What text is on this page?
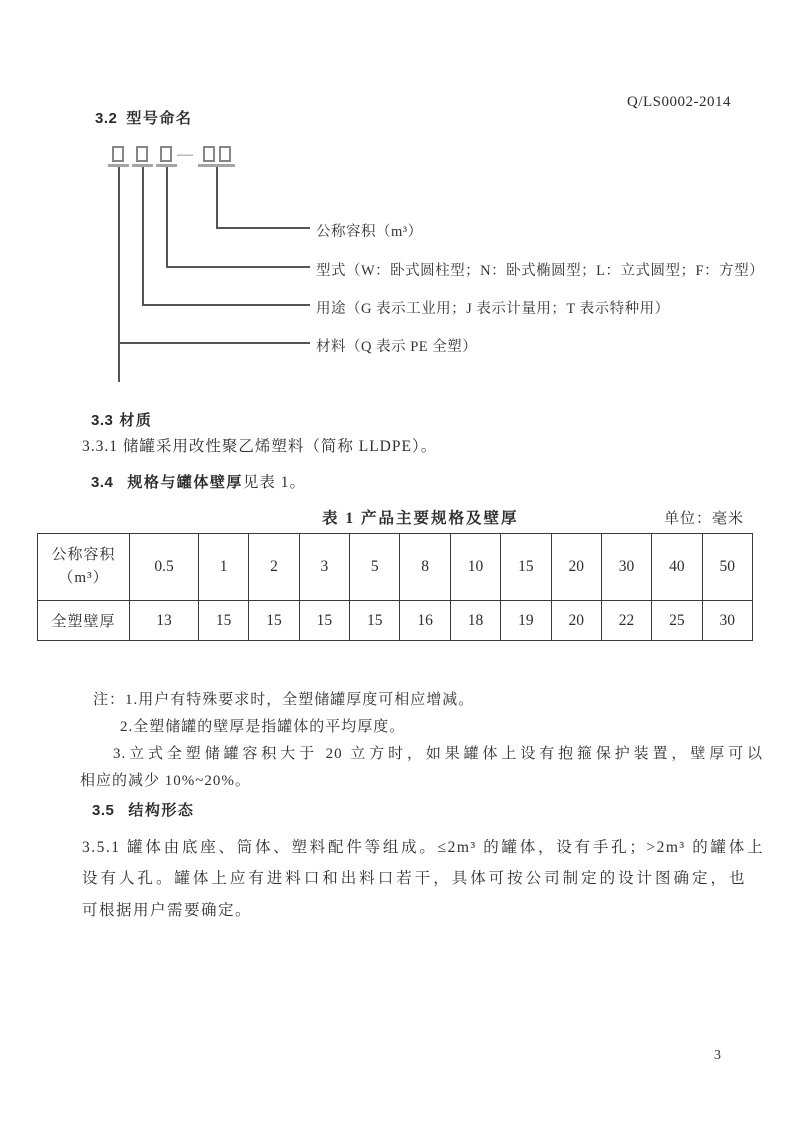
Q/LS0002-2014
3.2 型号命名
—
公称容积（m³）
型式（W：卧式圆柱型；N：卧式椭圆型；L：立式圆型；F：方型）
用途（G 表示工业用；J 表示计量用；T 表示特种用）
材料（Q 表示 PE 全塑）
3.3 材质
3.3.1 储罐采用改性聚乙烯塑料（简称 LLDPE）。
3.4 规格与罐体壁厚见表 1。
表 1 产品主要规格及壁厚	单位：毫米
公称容积
（m³）	0.5	1	2	3	5	8	10	15	20	30	40	50
全塑壁厚	13	15	15	15	15	16	18	19	20	22	25	30
注：1.用户有特殊要求时，全塑储罐厚度可相应增减。
2.全塑储罐的壁厚是指罐体的平均厚度。
3.立式全塑储罐容积大于 20 立方时，如果罐体上设有抱箍保护装置，壁厚可以
相应的减少 10%~20%。
3.5 结构形态
3.5.1 罐体由底座、筒体、塑料配件等组成。≤2m³ 的罐体，设有手孔；>2m³ 的罐体上
设有人孔。罐体上应有进料口和出料口若干，具体可按公司制定的设计图确定，也
可根据用户需要确定。
3
